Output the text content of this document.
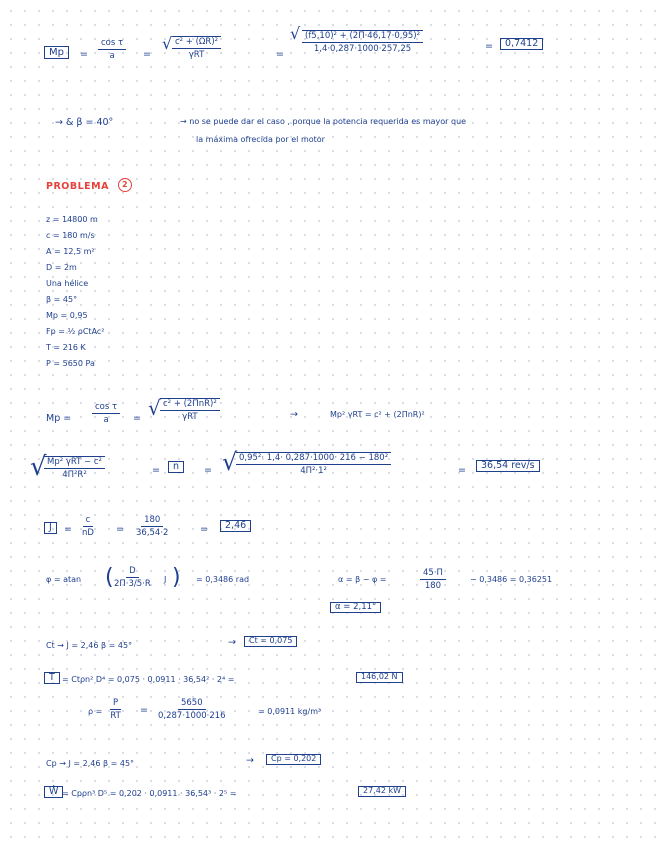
Mp	= $\frac{\text{cos τ}}{a}$ =
√ c² + (ΩR)²
γRT	=
√ $\frac{\text{(f5,10)² + (2Π·46,17·0,95)²}}{1,4\cdot 0,287\cdot 1000\cdot 257,25}$	=	0,7412
→ & β = 40°	→ no se puede dar el caso , porque la potencia requerida es mayor que
la máxima ofrecida por el motor
PROBLEMA	2
z = 14800 m
c = 180 m/s
A = 12,5 m²
D = 2m
Una hélice
β = 45°
Mp = 0,95
Fp = ½ ρCtAc²
T = 216 K
P = 5650 Pa
$Mp = \frac{\text{cos τ}}{a}$ = √ c² + (2ΠnR)²
γRT	→	Mp² γRT = c² + (2ΠnR)²
√ Mp² γRT − c²
4Π²R²	=	n	= √
$\frac{\text{0,95²· 1,4· 0,287·1000· 216 − 180²}}{\text{4Π²·1²}}$	=	36,54 rev/s
J	= $\frac{c}{nD} = \frac{180}{36,54\cdot 2}$	=	2,46
φ = atan ( $\frac{D}{2\Pi\cdot 3/5\cdot R}$ J ) = 0,3486 rad	α = β − φ =	$\frac{45\cdot\Pi}{180}$	− 0,3486 = 0,36251
α = 2,11°
Ct → J = 2,46 β = 45°	→	Ct = 0,075
T = Ctρn² D⁴ = 0,075 · 0,0911 · 36,54² · 2⁴ =	146,02 N
$\rho = \frac{P}{RT} = \frac{5650}{0,287\cdot 1000\cdot 216}$	= 0,0911 kg/m³
Cp → J = 2,46 β = 45°	→	Cp = 0,202
Ẇ = Cpρn³ D⁵ = 0,202 · 0,0911 · 36,54³ · 2⁵ =	27,42 kW
